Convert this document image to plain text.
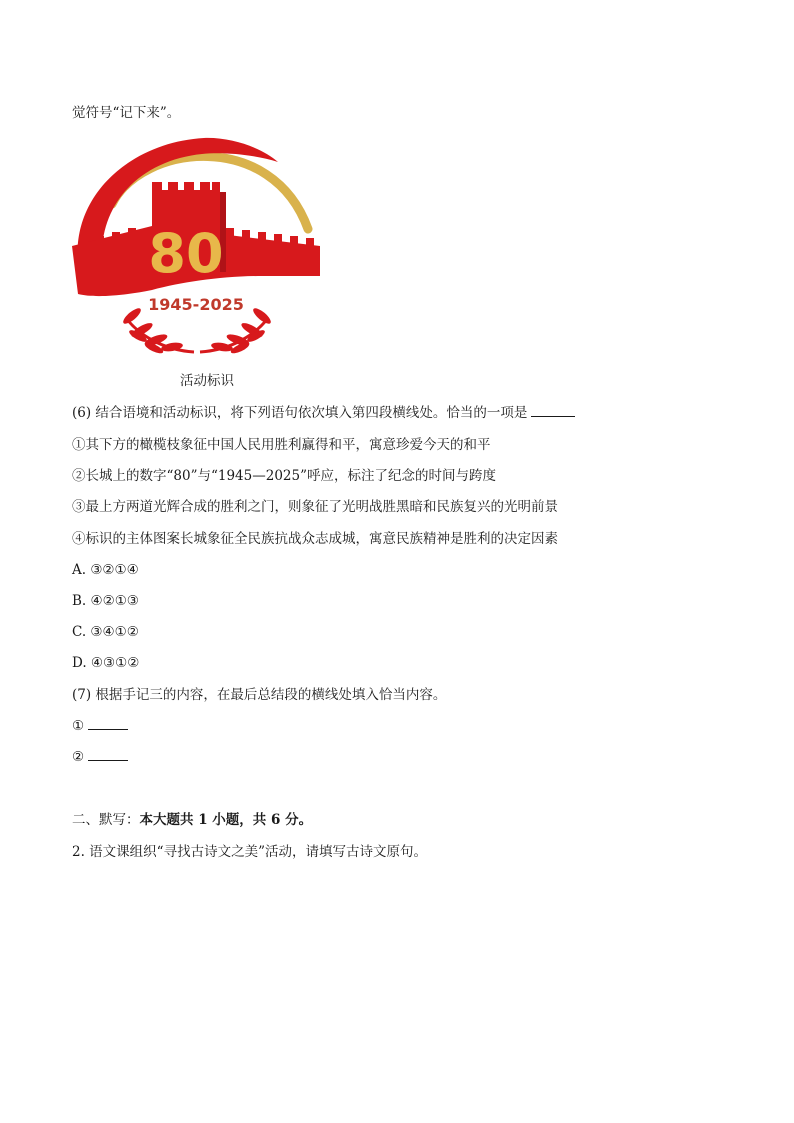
觉符号“记下来”。
80
1945-2025
活动标识
(6) 结合语境和活动标识，将下列语句依次填入第四段横线处。恰当的一项是
①其下方的橄榄枝象征中国人民用胜利赢得和平，寓意珍爱今天的和平
②长城上的数字“80”与“1945—2025”呼应，标注了纪念的时间与跨度
③最上方两道光辉合成的胜利之门，则象征了光明战胜黑暗和民族复兴的光明前景
④标识的主体图案长城象征全民族抗战众志成城，寓意民族精神是胜利的决定因素
A. ③②①④
B. ④②①③
C. ③④①②
D. ④③①②
(7) 根据手记三的内容，在最后总结段的横线处填入恰当内容。
①
②
二、默写：本大题共 1 小题，共 6 分。
2. 语文课组织“寻找古诗文之美”活动，请填写古诗文原句。
